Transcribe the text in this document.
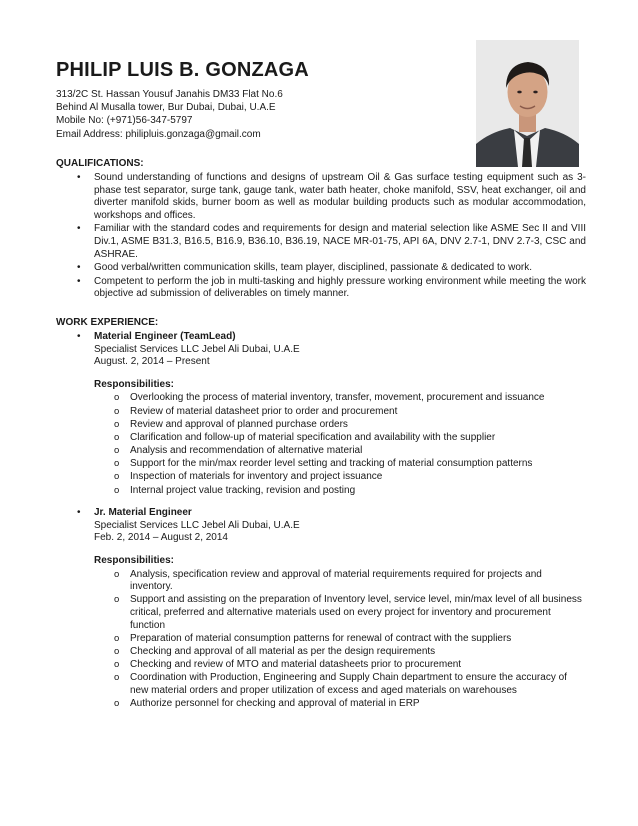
PHILIP LUIS B. GONZAGA
313/2C St. Hassan Yousuf Janahis DM33 Flat No.6
Behind Al Musalla tower, Bur Dubai, Dubai, U.A.E
Mobile No: (+971)56-347-5797
Email Address: philipluis.gonzaga@gmail.com
QUALIFICATIONS:
• Sound understanding of functions and designs of upstream Oil & Gas surface testing equipment such as 3-phase test separator, surge tank, gauge tank, water bath heater, choke manifold, SSV, heat exchanger, oil and diverter manifold skids, burner boom as well as modular building products such as modular accommodation, workshops and offices.
• Familiar with the standard codes and requirements for design and material selection like ASME Sec II and VIII Div.1, ASME B31.3, B16.5, B16.9, B36.10, B36.19, NACE MR-01-75, API 6A, DNV 2.7-1, DNV 2.7-3, CSC and ASHRAE.
• Good verbal/written communication skills, team player, disciplined, passionate & dedicated to work.
• Competent to perform the job in multi-tasking and highly pressure working environment while meeting the work objective ad submission of deliverables on timely manner.
WORK EXPERIENCE:
• Material Engineer (TeamLead)
Specialist Services LLC Jebel Ali Dubai, U.A.E
August. 2, 2014 – Present
Responsibilities:
o Overlooking the process of material inventory, transfer, movement, procurement and issuance
o Review of material datasheet prior to order and procurement
o Review and approval of planned purchase orders
o Clarification and follow-up of material specification and availability with the supplier
o Analysis and recommendation of alternative material
o Support for the min/max reorder level setting and tracking of material consumption patterns
o Inspection of materials for inventory and project issuance
o Internal project value tracking, revision and posting
• Jr. Material Engineer
Specialist Services LLC Jebel Ali Dubai, U.A.E
Feb. 2, 2014 – August 2, 2014
Responsibilities:
o Analysis, specification review and approval of material requirements required for projects and inventory.
o Support and assisting on the preparation of Inventory level, service level, min/max level of all business critical, preferred and alternative materials used on every project for inventory and procurement function
o Preparation of material consumption patterns for renewal of contract with the suppliers
o Checking and approval of all material as per the design requirements
o Checking and review of MTO and material datasheets prior to procurement
o Coordination with Production, Engineering and Supply Chain department to ensure the accuracy of new material orders and proper utilization of excess and aged materials on warehouses
o Authorize personnel for checking and approval of material in ERP
